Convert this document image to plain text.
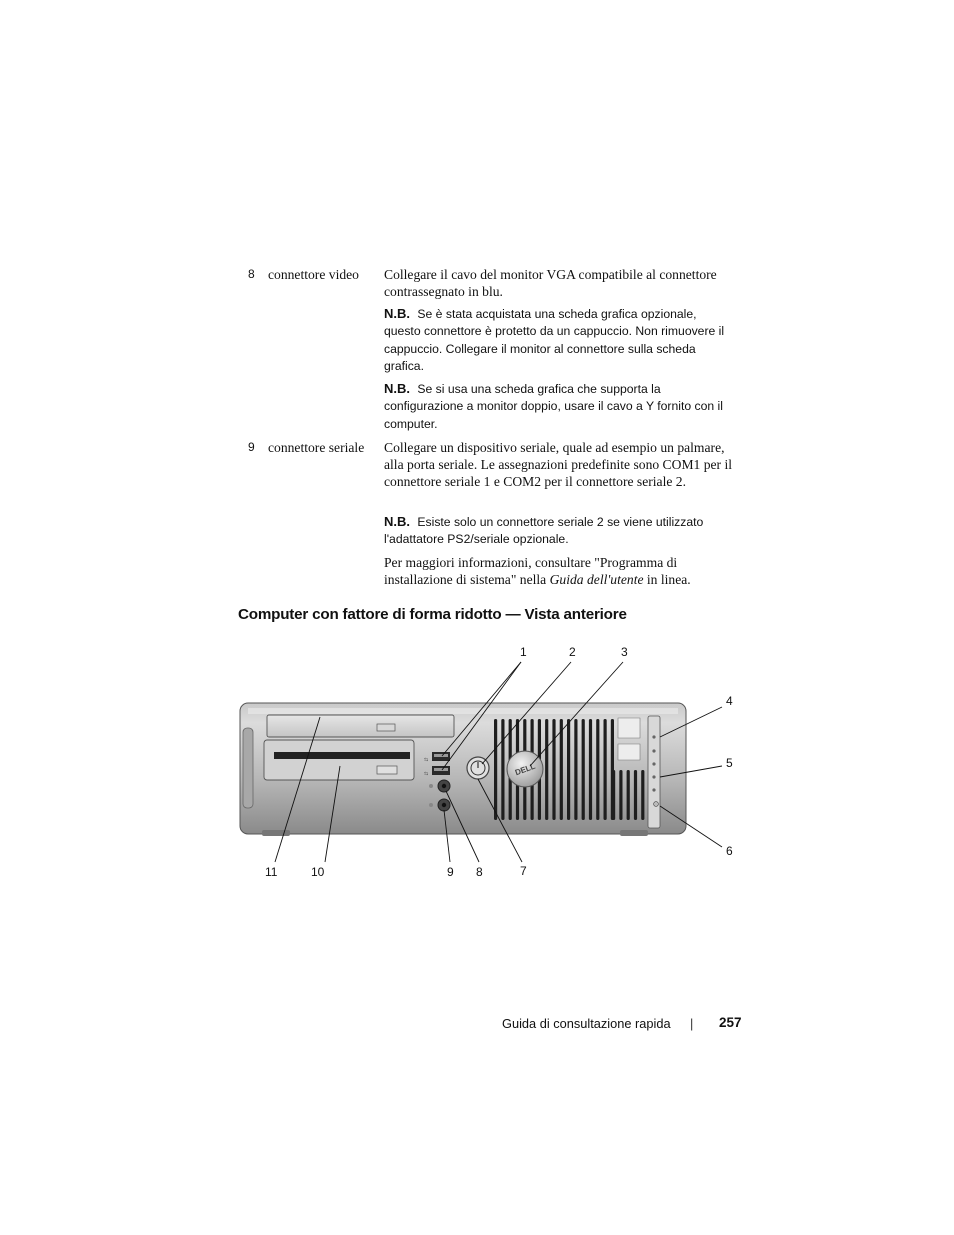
8 connettore video Collegare il cavo del monitor VGA compatibile al connettore contrassegnato in blu.
N.B. Se è stata acquistata una scheda grafica opzionale, questo connettore è protetto da un cappuccio. Non rimuovere il cappuccio. Collegare il monitor al connettore sulla scheda grafica.
N.B. Se si usa una scheda grafica che supporta la configurazione a monitor doppio, usare il cavo a Y fornito con il computer.
9 connettore seriale Collegare un dispositivo seriale, quale ad esempio un palmare, alla porta seriale. Le assegnazioni predefinite sono COM1 per il connettore seriale 1 e COM2 per il connettore seriale 2.
N.B. Esiste solo un connettore seriale 2 se viene utilizzato l'adattatore PS2/seriale opzionale.
Per maggiori informazioni, consultare "Programma di installazione di sistema" nella Guida dell'utente in linea.
Computer con fattore di forma ridotto — Vista anteriore
⇆
⇆	DELL
1	2	3
4
5
6
7
8
9
10
11
Guida di consultazione rapida | 257
